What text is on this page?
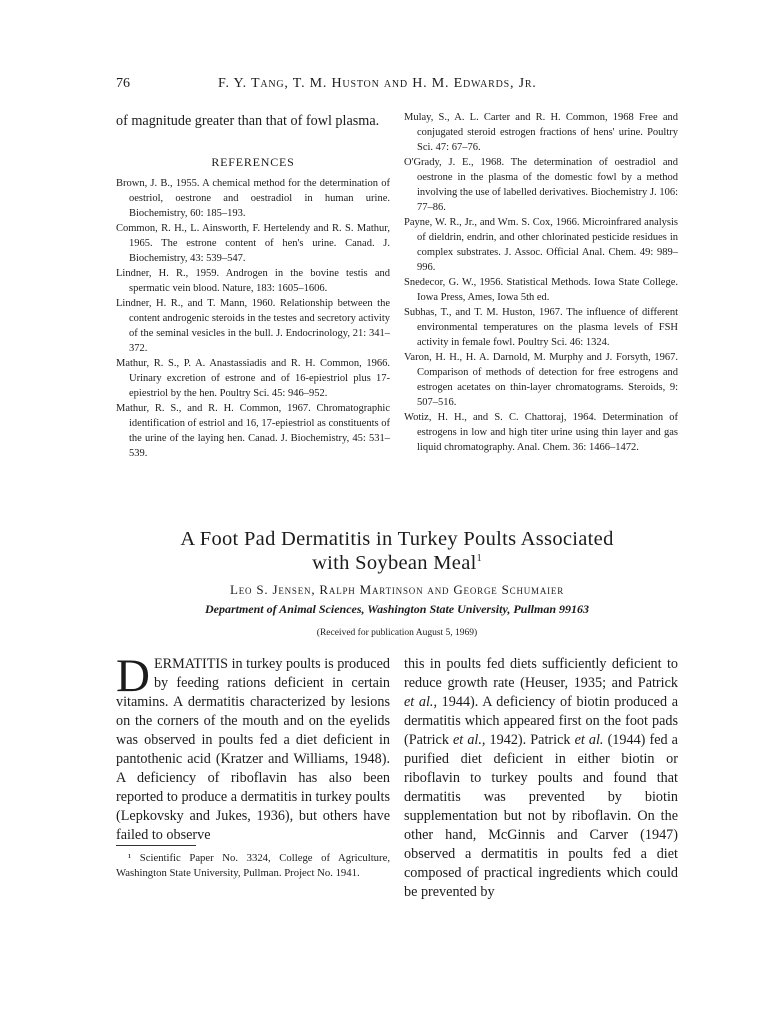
76	F. Y. Tang, T. M. Huston and H. M. Edwards, Jr.
of magnitude greater than that of fowl plasma.
REFERENCES

Brown, J. B., 1955. A chemical method for the determination of oestriol, oestrone and oestradiol in human urine. Biochemistry, 60: 185–193.

Common, R. H., L. Ainsworth, F. Hertelendy and R. S. Mathur, 1965. The estrone content of hen's urine. Canad. J. Biochemistry, 43: 539–547.

Lindner, H. R., 1959. Androgen in the bovine testis and spermatic vein blood. Nature, 183: 1605–1606.

Lindner, H. R., and T. Mann, 1960. Relationship between the content androgenic steroids in the testes and secretory activity of the seminal vesicles in the bull. J. Endocrinology, 21: 341–372.

Mathur, R. S., P. A. Anastassiadis and R. H. Common, 1966. Urinary excretion of estrone and of 16-epiestriol plus 17-epiestriol by the hen. Poultry Sci. 45: 946–952.

Mathur, R. S., and R. H. Common, 1967. Chromatographic identification of estriol and 16, 17-epiestriol as constituents of the urine of the laying hen. Canad. J. Biochemistry, 45: 531–539.

Mulay, S., A. L. Carter and R. H. Common, 1968 Free and conjugated steroid estrogen fractions of hens' urine. Poultry Sci. 47: 67–76.

O'Grady, J. E., 1968. The determination of oestradiol and oestrone in the plasma of the domestic fowl by a method involving the use of labelled derivatives. Biochemistry J. 106: 77–86.

Payne, W. R., Jr., and Wm. S. Cox, 1966. Microinfrared analysis of dieldrin, endrin, and other chlorinated pesticide residues in complex substrates. J. Assoc. Official Anal. Chem. 49: 989–996.

Snedecor, G. W., 1956. Statistical Methods. Iowa State College. Iowa Press, Ames, Iowa 5th ed.

Subhas, T., and T. M. Huston, 1967. The influence of different environmental temperatures on the plasma levels of FSH activity in female fowl. Poultry Sci. 46: 1324.

Varon, H. H., H. A. Darnold, M. Murphy and J. Forsyth, 1967. Comparison of methods of detection for free estrogens and estrogen acetates on thin-layer chromatograms. Steroids, 9: 507–516.

Wotiz, H. H., and S. C. Chattoraj, 1964. Determination of estrogens in low and high titer urine using thin layer and gas liquid chromatography. Anal. Chem. 36: 1466–1472.

A Foot Pad Dermatitis in Turkey Poults Associated
with Soybean Meal$^1$
Leo S. Jensen, Ralph Martinson and George Schumaier
Department of Animal Sciences, Washington State University, Pullman 99163
(Received for publication August 5, 1969)
DERMATITIS in turkey poults is produced by feeding rations deficient in certain vitamins. A dermatitis characterized by lesions on the corners of the mouth and on the eyelids was observed in poults fed a diet deficient in pantothenic acid (Kratzer and Williams, 1948). A deficiency of riboflavin has also been reported to produce a dermatitis in turkey poults (Lepkovsky and Jukes, 1936), but others have failed to observe
this in poults fed diets sufficiently deficient to reduce growth rate (Heuser, 1935; and Patrick et al., 1944). A deficiency of biotin produced a dermatitis which appeared first on the foot pads (Patrick et al., 1942). Patrick et al. (1944) fed a purified diet deficient in either biotin or riboflavin to turkey poults and found that dermatitis was prevented by biotin supplementation but not by riboflavin. On the other hand, McGinnis and Carver (1947) observed a dermatitis in poults fed a diet composed of practical ingredients which could be prevented by
¹ Scientific Paper No. 3324, College of Agriculture, Washington State University, Pullman. Project No. 1941.
